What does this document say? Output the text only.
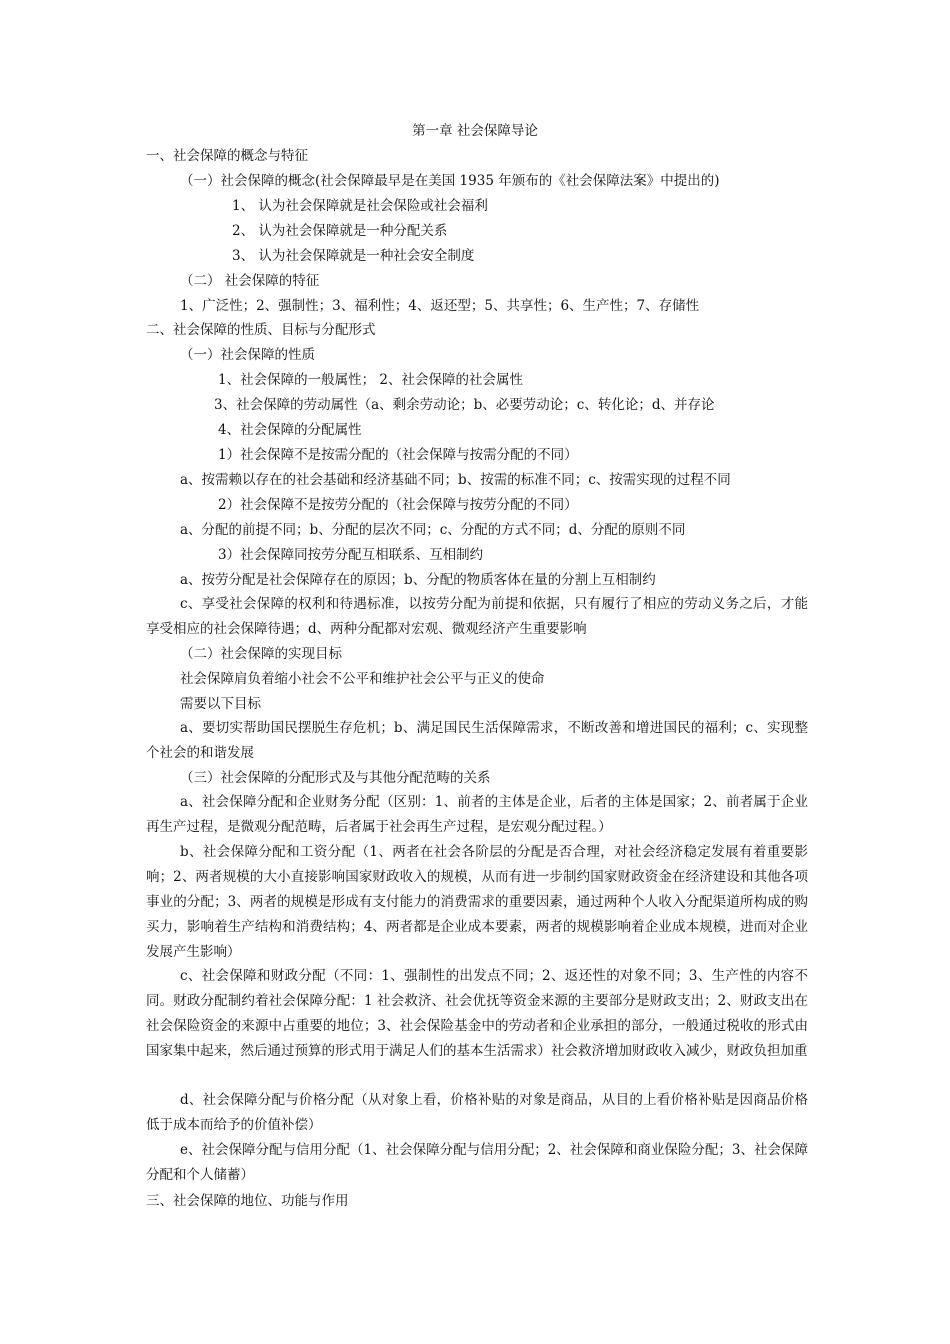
第一章 社会保障导论
一、社会保障的概念与特征
（一）社会保障的概念(社会保障最早是在美国 1935 年颁布的《社会保障法案》中提出的)
1、 认为社会保障就是社会保险或社会福利
2、 认为社会保障就是一种分配关系
3、 认为社会保障就是一种社会安全制度
（二） 社会保障的特征
1、广泛性；2、强制性；3、福利性；4、返还型；5、共享性；6、生产性；7、存储性
二、社会保障的性质、目标与分配形式
（一）社会保障的性质
1、社会保障的一般属性； 2、社会保障的社会属性
3、社会保障的劳动属性（a、剩余劳动论；b、必要劳动论；c、转化论；d、并存论
4、社会保障的分配属性
1）社会保障不是按需分配的（社会保障与按需分配的不同）
a、按需赖以存在的社会基础和经济基础不同；b、按需的标准不同；c、按需实现的过程不同
2）社会保障不是按劳分配的（社会保障与按劳分配的不同）
a、分配的前提不同；b、分配的层次不同；c、分配的方式不同；d、分配的原则不同
3）社会保障同按劳分配互相联系、互相制约
a、按劳分配是社会保障存在的原因；b、分配的物质客体在量的分割上互相制约
c、享受社会保障的权利和待遇标准，以按劳分配为前提和依据，只有履行了相应的劳动义务之后，才能享受相应的社会保障待遇；d、两种分配都对宏观、微观经济产生重要影响
（二）社会保障的实现目标
社会保障肩负着缩小社会不公平和维护社会公平与正义的使命
需要以下目标
a、要切实帮助国民摆脱生存危机；b、满足国民生活保障需求，不断改善和增进国民的福利；c、实现整个社会的和谐发展
（三）社会保障的分配形式及与其他分配范畴的关系
a、社会保障分配和企业财务分配（区别：1、前者的主体是企业，后者的主体是国家；2、前者属于企业再生产过程，是微观分配范畴，后者属于社会再生产过程，是宏观分配过程。）
b、社会保障分配和工资分配（1、两者在社会各阶层的分配是否合理，对社会经济稳定发展有着重要影响；2、两者规模的大小直接影响国家财政收入的规模，从而有进一步制约国家财政资金在经济建设和其他各项事业的分配；3、两者的规模是形成有支付能力的消费需求的重要因素，通过两种个人收入分配渠道所构成的购买力，影响着生产结构和消费结构；4、两者都是企业成本要素，两者的规模影响着企业成本规模，进而对企业发展产生影响）
c、社会保障和财政分配（不同：1、强制性的出发点不同；2、返还性的对象不同；3、生产性的内容不同。财政分配制约着社会保障分配：1 社会救济、社会优抚等资金来源的主要部分是财政支出；2、财政支出在社会保险资金的来源中占重要的地位；3、社会保险基金中的劳动者和企业承担的部分，一般通过税收的形式由国家集中起来，然后通过预算的形式用于满足人们的基本生活需求）社会救济增加财政收入减少，财政负担加重
d、社会保障分配与价格分配（从对象上看，价格补贴的对象是商品，从目的上看价格补贴是因商品价格低于成本而给予的价值补偿）
e、社会保障分配与信用分配（1、社会保障分配与信用分配；2、社会保障和商业保险分配；3、社会保障分配和个人储蓄）
三、社会保障的地位、功能与作用
